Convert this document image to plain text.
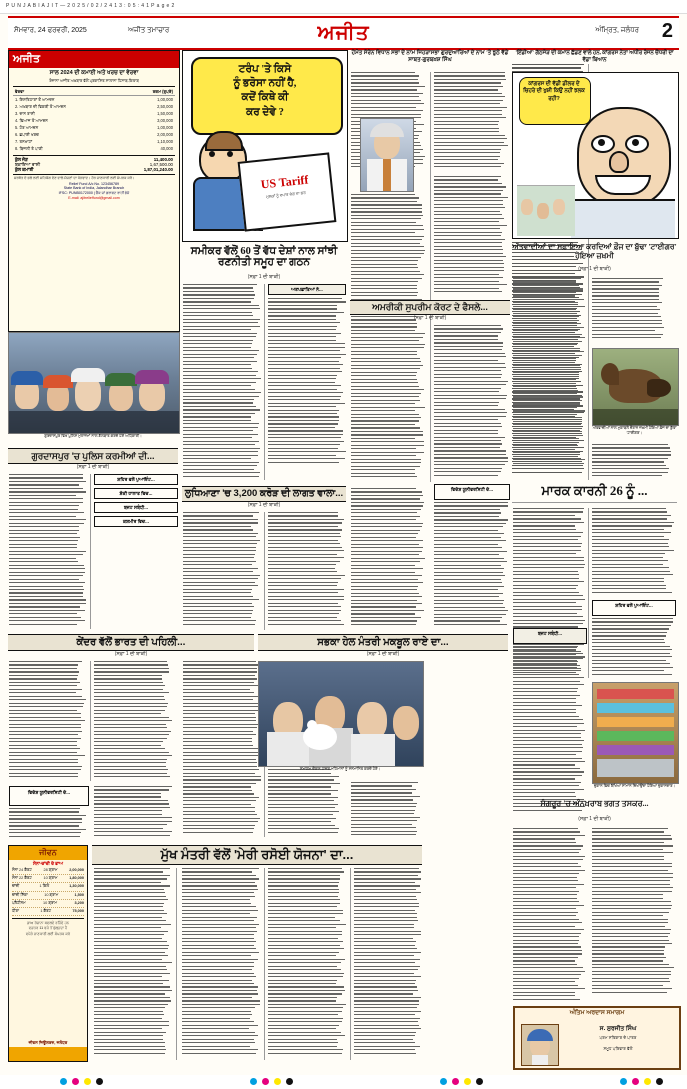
P U N J A B I A J I T — 2 0 2 5 / 0 2 / 2 4 1 3 : 0 5 : 4 1 P a g e 2
ਸੋਮਵਾਰ, 24 ਫਰਵਰੀ, 2025	ਅਜੀਤ ਤਮਾਚਾਰ	ਅਜੀਤ	ਅੰਮ੍ਰਿਤ, ਜਲੰਧਰ 2
ਅਜੀਤ
ਸਾਲ 2024 ਦੀ ਕਮਾਈ ਅਤੇ ਖਰਚ ਦਾ ਵੇਰਵਾ
ਰੋਜ਼ਾਨਾ ਅਜੀਤ ਅਖ਼ਬਾਰ ਵੱਲੋਂ ਪ੍ਰਕਾਸ਼ਿਤ ਸਾਲਾਨਾ ਹਿਸਾਬ-ਕਿਤਾਬ
ਵੇਰਵਾ	ਰਕਮ (ਰੁਪਏ)
1. ਇਸ਼ਤਿਹਾਰਾਂ ਤੋਂ ਆਮਦਨ	1,00,000
2. ਅਖ਼ਬਾਰ ਦੀ ਵਿਕਰੀ ਤੋਂ ਆਮਦਨ	2,50,000
3. ਦਾਨ ਰਾਸ਼ੀ	1,50,000
4. ਵਿਆਜ ਤੋਂ ਆਮਦਨ	3,00,000
5. ਹੋਰ ਆਮਦਨ	1,00,000
6. ਛਪਾਈ ਖਰਚ	2,00,000
7. ਤਨਖਾਹਾਂ	1,10,000
8. ਬਿਜਲੀ ਤੇ ਪਾਣੀ	40,000
ਕੁੱਲ ਜੋੜ	11,400.00
ਬਕਾਇਆ ਰਾਸ਼ੀ	1,67,500.00
ਕੁੱਲ ਕਮਾਈ	1,87,01,240.00
ਸਰਬੱਤ ਦੇ ਭਲੇ ਲਈ ਸਹਿਯੋਗ ਦੇਣ ਵਾਲੇ ਸੱਜਣਾਂ ਦਾ ਧੰਨਵਾਦ। ਹੋਰ ਜਾਣਕਾਰੀ ਲਈ ਸੰਪਰਕ ਕਰੋ।
Relief Fund A/c No. 123456789
State Bank of India, Jalandhar Branch
IFSC: PUNB0172000 | ਚੈੱਕ ਜਾਂ ਡਰਾਫਟ ਰਾਹੀਂ ਭੇਜੋ
E-mail: ajitrelieffund@gmail.com
ਗੁਰਦਾਸਪੁਰ ਵਿਖੇ ਪੁਲਿਸ ਮੁਲਾਜ਼ਮਾਂ ਨਾਲ ਗੱਲਬਾਤ ਕਰਦੇ ਹੋਏ ਅਧਿਕਾਰੀ।
ਗੁਰਦਾਸਪੁਰ 'ਚ ਪੁਲਿਸ ਕਰਮੀਆਂ ਦੀ...
(ਸਫ਼ਾ 1 ਦੀ ਬਾਕੀ)
ਸ਼ਹਿਰ ਵਲੋਂ ਪੁਆਇੰਟ...
ਸ਼ੱਕੀ ਹਾਲਾਤ ਵਿਚ...
ਬਜਟ ਸਬੰਧੀ...
ਕਸ਼ਮੀਰ ਵਿਚ...
ਕੇਂਦਰ ਵੱਲੋਂ ਭਾਰਤ ਦੀ ਪਹਿਲੀ...
(ਸਫ਼ਾ 1 ਦੀ ਬਾਕੀ)
ਵਿਦੇਸ਼ ਯੂਨੀਵਰਸਿਟੀ ਦੇ...
ਜੀਵਨ
ਸੋਨਾ-ਚਾਂਦੀ ਦੇ ਭਾਅ
ਸੋਨਾ 24 ਕੈਰਟ	28 ਗ੍ਰਾਮ	2,00,000
ਸੋਨਾ 22 ਕੈਰਟ	10 ਗ੍ਰਾਮ	1,80,000
ਚਾਂਦੀ	1 ਕਿਲੋ	1,30,000
ਚਾਂਦੀ ਸਿੱਕਾ	10 ਗ੍ਰਾਮ	1,500
ਪਲੈਟੀਨਮ	10 ਗ੍ਰਾਮ	3,200
ਹੀਰਾ	1 ਕੈਰਟ	75,000
ਭਾਅ ਰੋਜ਼ਾਨਾ ਬਦਲਦੇ ਰਹਿੰਦੇ ਹਨ
ਦਫ਼ਤਰ 11 ਵਜੇ ਤੋਂ ਖੁੱਲ੍ਹਦਾ ਹੈ
ਵਧੇਰੇ ਜਾਣਕਾਰੀ ਲਈ ਸੰਪਰਕ ਕਰੋ
ਜੀਵਨ ਜਿਊਲਰਜ਼, ਜਲੰਧਰ
ਟਰੰਪ 'ਤੇ ਕਿਸੇ
ਨੂੰ ਭਰੋਸਾ ਨਹੀਂ ਹੈ,
ਕਦੋਂ ਕਿਥੇ ਕੀ
ਕਰ ਦੇਵੇ ?
US Tariff
ਮੁਲਕਾਂ ਨੂੰ ਵਪਾਰ ਜੰਗ ਦਾ ਡਰ
ਸਮੀਕਰ ਵੱਲੋਂ 60 ਤੋਂ ਵੱਧ ਦੇਸ਼ਾਂ ਨਾਲ ਸਾਂਝੀ ਰਣਨੀਤੀ ਸਮੂਹ ਦਾ ਗਠਨ
(ਸਫ਼ਾ 1 ਦੀ ਬਾਕੀ)
ਅਣਪਛਾਤਿਆਂ ਨੇ...
ਲੁਧਿਆਣਾ 'ਚ 3,200 ਕਰੋੜ ਦੀ ਲਾਗਤ ਵਾਲਾ...
(ਸਫ਼ਾ 1 ਦੀ ਬਾਕੀ)
ਸਭਕਾ ਹੇਲ ਮੰਤਰੀ ਮਕਬੂਲ ਰਾਏ ਦਾ...
(ਸਫ਼ਾ 1 ਦੀ ਬਾਕੀ)
ਮੁੱਖ ਮੰਤਰੀ ਵੱਲੋਂ 'ਮੇਰੀ ਰਸੋਈ ਯੋਜਨਾ' ਦਾ...
ਹੇਮੰਤ ਸੋਰੇਨ ਵਿਧਾਨ ਸਭਾ ਦੇ ਨਾਮ ਜਿਹੜਾਸਭਾ ਗੁਰਦੁਆਰਿਆਂ ਦੇ ਨਾਮ 'ਤੇ ਝੂਠੇ ਵੱਡੇ ਸਾਬਤ-ਗੁਰਬਖ਼ਸ਼ ਸਿੰਘ
ਅਮਰੀਕੀ ਸੁਪਰੀਮ ਕੋਰਟ ਦੇ ਫੈਸਲੇ...
(ਸਫ਼ਾ 1 ਦੀ ਬਾਕੀ)
ਵਿਦੇਸ਼ ਯੂਨੀਵਰਸਿਟੀ ਦੇ...
ਸਮਾਗਮ ਦੌਰਾਨ ਹਾਜ਼ਰ ਮਹਿਮਾਨਾਂ ਨੂੰ ਸਨਮਾਨਿਤ ਕਰਦੇ ਹੋਏ।
'ਇੰਡੀਆ' ਗੱਠਜੋੜ ਦੀ ਕਮਾਨ ਛੱਡਣ ਵਾਲੇ ਹਨ, ਕਾਂਗਰਸ ਨੇਤਾ ਅਧੀਰ ਰੰਜਨ ਚੌਧਰੀ ਦਾ ਵੱਡਾ ਬਿਆਨ
ਕਾਂਗਰਸ ਦੀ ਵੱਡੀ ਡੀਲਰ ਦੇ ਚਿਹਰੇ ਦੀ ਖੁਸ਼ੀ ਕਿਉਂ ਨਹੀਂ ਝਲਕ ਰਹੀ?
ਅੱਤਵਾਦੀਆਂ ਦਾ ਸਫ਼ਾਇਆ ਕਰਦਿਆਂ ਫ਼ੌਜ ਦਾ ਬੁੱਢਾ 'ਟਾਈਗਰ' ਹੋਇਆ ਜ਼ਖ਼ਮੀ
(ਸਫ਼ਾ 1 ਦੀ ਬਾਕੀ)
ਅੱਤਵਾਦੀਆਂ ਨਾਲ ਮੁਕਾਬਲੇ ਦੌਰਾਨ ਜ਼ਖ਼ਮੀ ਹੋਇਆ ਫ਼ੌਜ ਦਾ ਕੁੱਤਾ 'ਟਾਈਗਰ'।
ਮਾਰਕ ਕਾਰਨੀ 26 ਨੂੰ ...
ਸ਼ਹਿਰ ਵਲੋਂ ਪੁਆਇੰਟ...
ਬਜਟ ਸਬੰਧੀ...
ਦੁਕਾਨ ਵਿਚ ਰੱਖਿਆ ਸਾਮਾਨ ਦਿਖਾਉਂਦਾ ਹੋਇਆ ਦੁਕਾਨਦਾਰ।
ਸੰਗਰੂਰ 'ਚ ਅੰਨਖ਼ਰਾਬ ਭਗਤ ਤਸਕਰ...
(ਸਫ਼ਾ 1 ਦੀ ਬਾਕੀ)
ਅੰਤਿਮ ਅਰਦਾਸ ਸਮਾਗਮ
ਸ. ਸੁਰਜੀਤ ਸਿੰਘ
ਪਰਮ ਸਤਿਕਾਰ ਦੇ ਪਾਤਰ
ਸਮੂਹ ਪਰਿਵਾਰ ਵੱਲੋਂ
